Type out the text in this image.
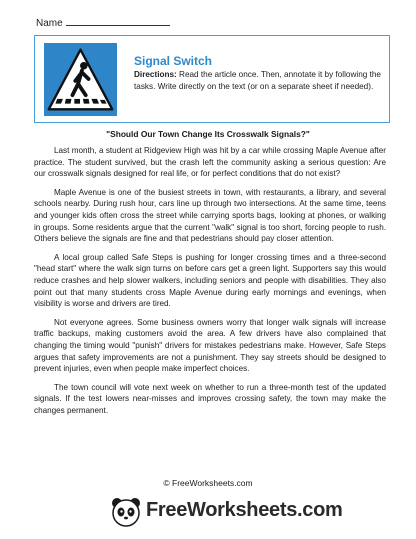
Name
Signal Switch
Directions: Read the article once. Then, annotate it by following the tasks. Write directly on the text (or on a separate sheet if needed).
"Should Our Town Change Its Crosswalk Signals?"

Last month, a student at Ridgeview High was hit by a car while crossing Maple Avenue after practice. The student survived, but the crash left the community asking a serious question: Are our crosswalk signals designed for real life, or for perfect conditions that do not exist?

Maple Avenue is one of the busiest streets in town, with restaurants, a library, and several schools nearby. During rush hour, cars line up through two intersections. At the same time, teens and younger kids often cross the street while carrying sports bags, looking at phones, or walking in groups. Some residents argue that the current "walk" signal is too short, forcing people to rush. Others believe the signals are fine and that pedestrians should pay closer attention.

A local group called Safe Steps is pushing for longer crossing times and a three-second "head start" where the walk sign turns on before cars get a green light. Supporters say this would reduce crashes and help slower walkers, including seniors and people with disabilities. They also point out that many students cross Maple Avenue during early mornings and evenings, when visibility is worse and drivers are tired.

Not everyone agrees. Some business owners worry that longer walk signals will increase traffic backups, making customers avoid the area. A few drivers have also complained that changing the timing would "punish" drivers for mistakes pedestrians make. However, Safe Steps argues that safety improvements are not a punishment. They say streets should be designed to prevent injuries, even when people make imperfect choices.

The town council will vote next week on whether to run a three-month test of the updated signals. If the test lowers near-misses and improves crossing safety, the town may make the changes permanent.

© FreeWorksheets.com
FreeWorksheets.com
